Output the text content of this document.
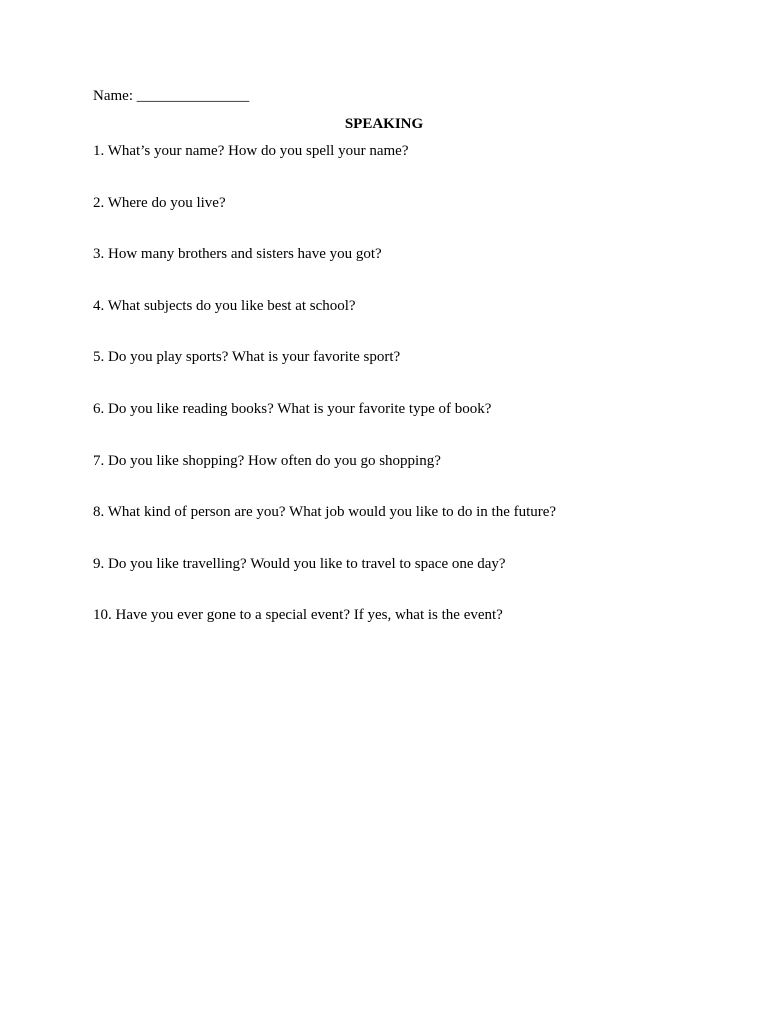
Name: _______________
SPEAKING
1. What’s your name? How do you spell your name?
2. Where do you live?
3. How many brothers and sisters have you got?
4. What subjects do you like best at school?
5. Do you play sports? What is your favorite sport?
6. Do you like reading books? What is your favorite type of book?
7. Do you like shopping? How often do you go shopping?
8. What kind of person are you? What job would you like to do in the future?
9. Do you like travelling? Would you like to travel to space one day?
10. Have you ever gone to a special event? If yes, what is the event?
